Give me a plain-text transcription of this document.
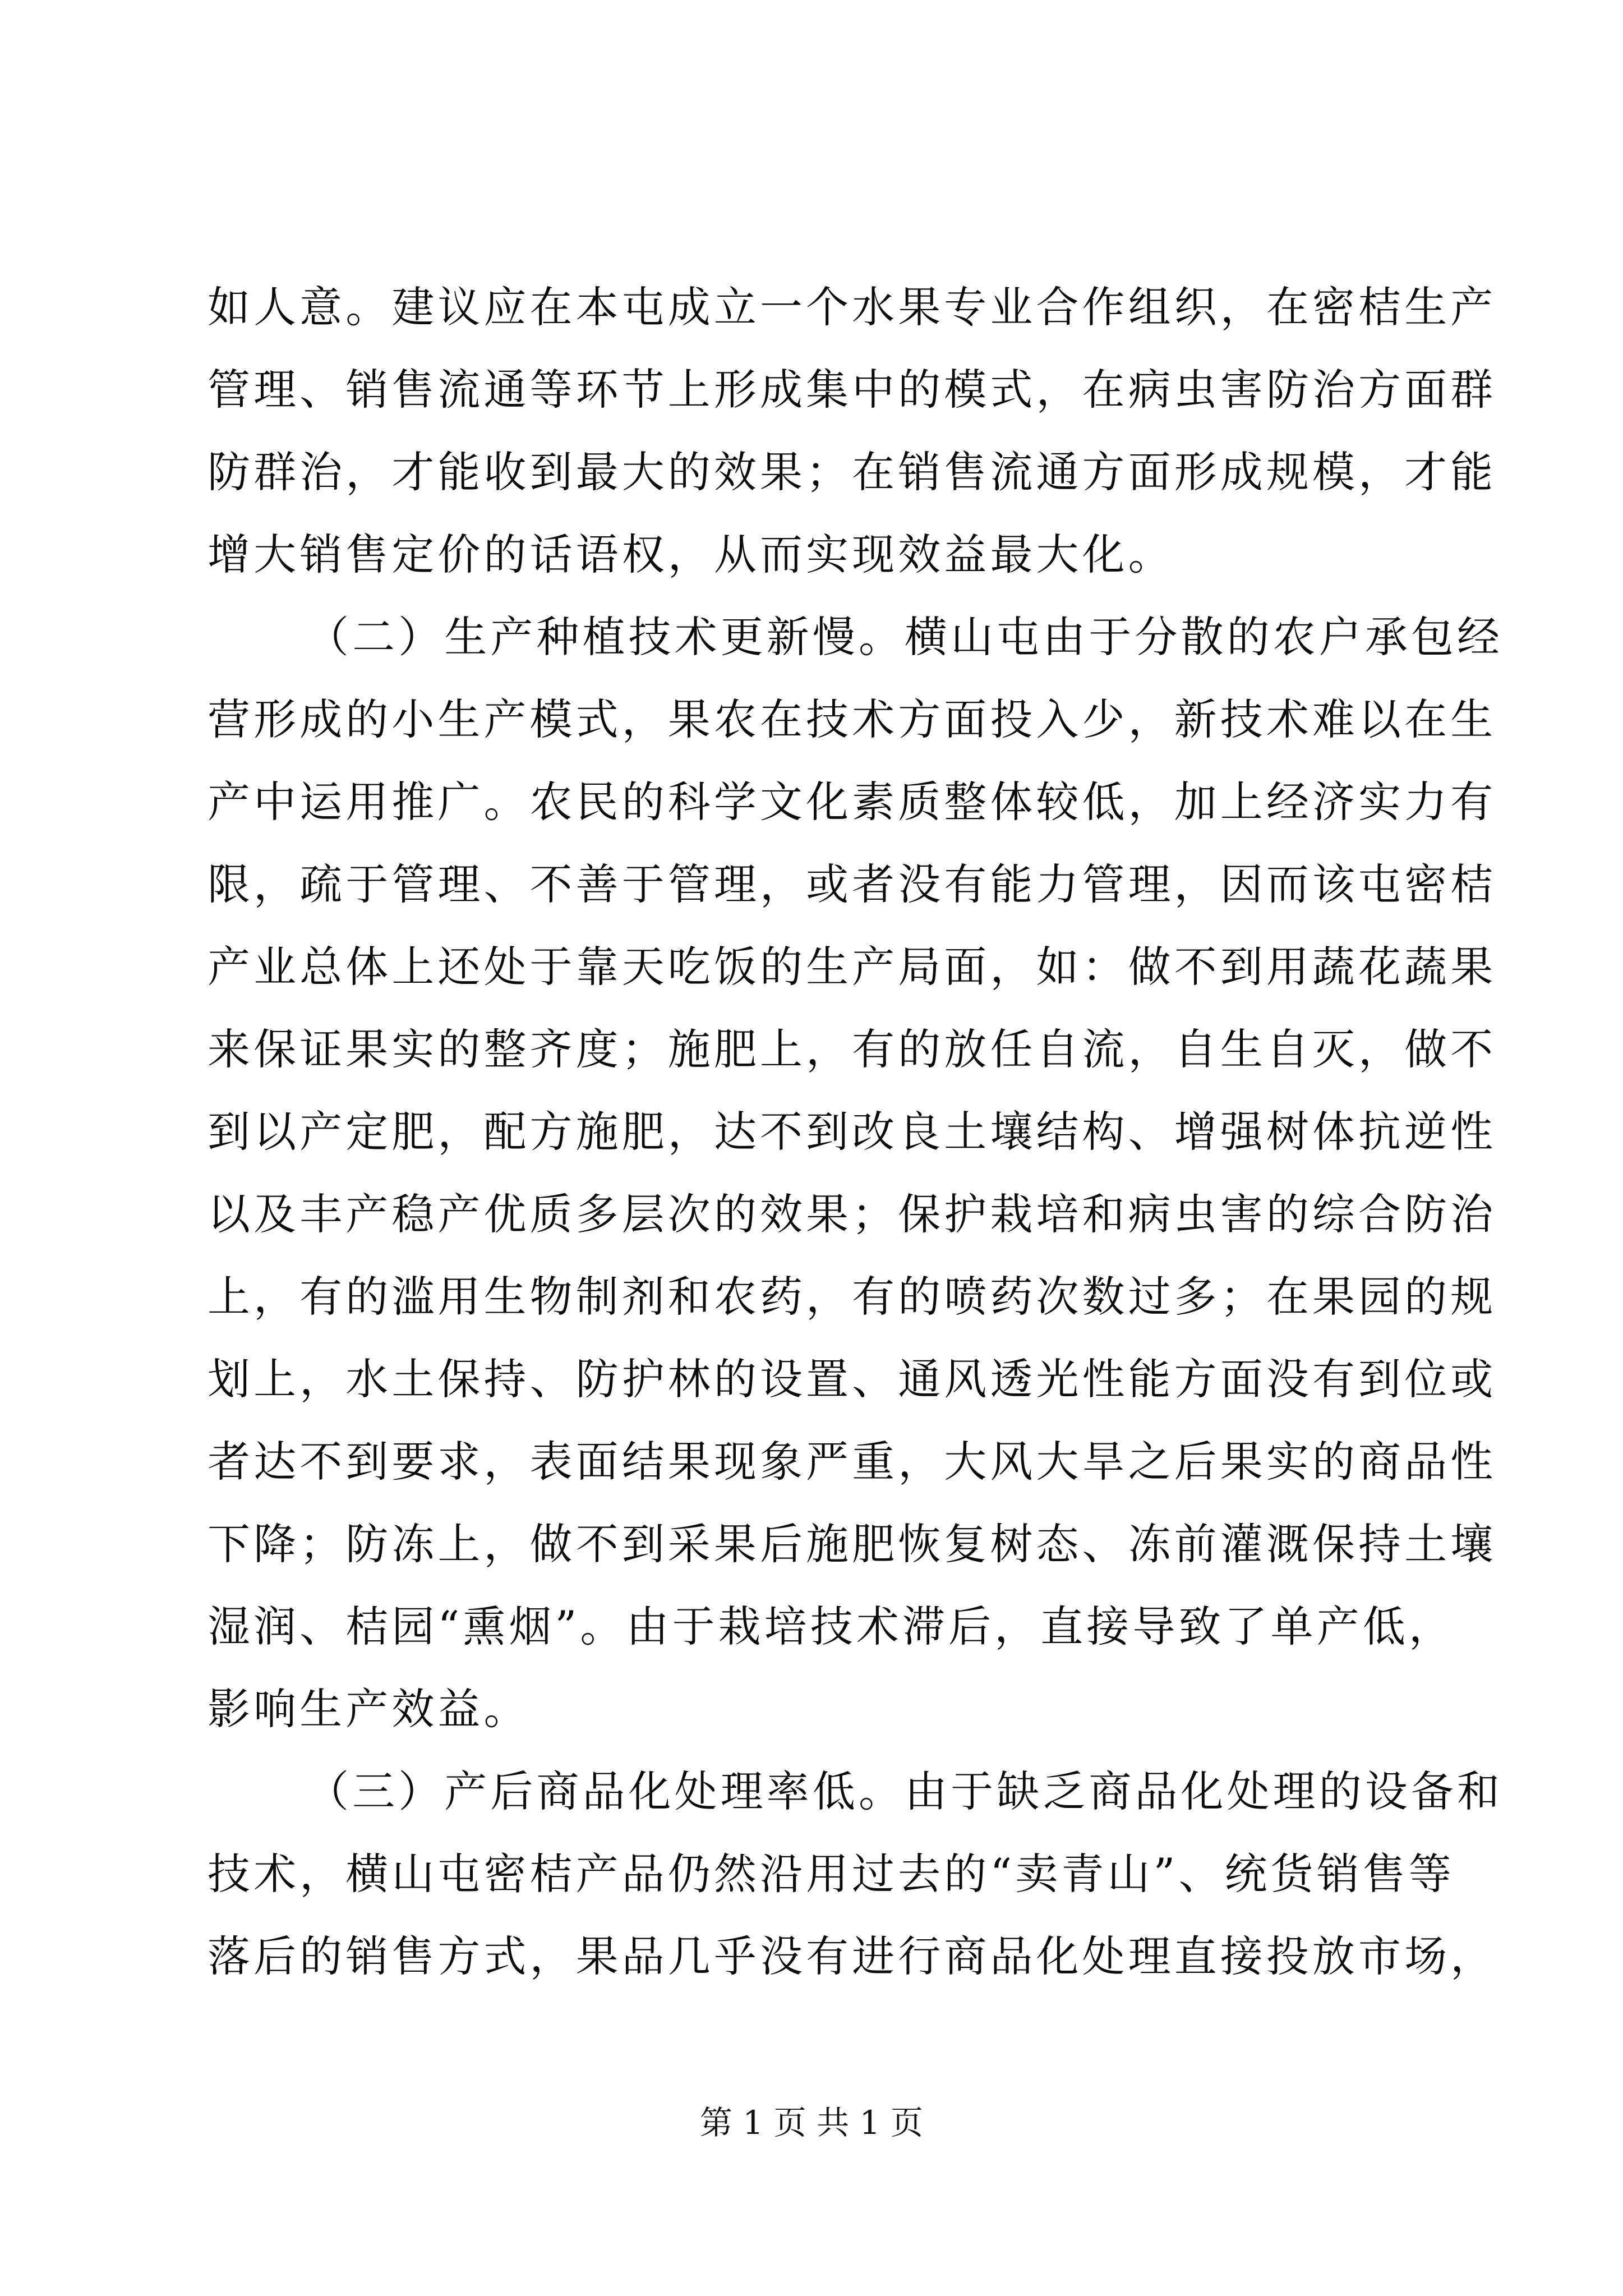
如人意。建议应在本屯成立一个水果专业合作组织，在密桔生产
管理、销售流通等环节上形成集中的模式，在病虫害防治方面群
防群治，才能收到最大的效果；在销售流通方面形成规模，才能
增大销售定价的话语权，从而实现效益最大化。
（二）生产种植技术更新慢。横山屯由于分散的农户承包经
营形成的小生产模式，果农在技术方面投入少，新技术难以在生
产中运用推广。农民的科学文化素质整体较低，加上经济实力有
限，疏于管理、不善于管理，或者没有能力管理，因而该屯密桔
产业总体上还处于靠天吃饭的生产局面，如：做不到用蔬花蔬果
来保证果实的整齐度；施肥上，有的放任自流，自生自灭，做不
到以产定肥，配方施肥，达不到改良土壤结构、增强树体抗逆性
以及丰产稳产优质多层次的效果；保护栽培和病虫害的综合防治
上，有的滥用生物制剂和农药，有的喷药次数过多；在果园的规
划上，水土保持、防护林的设置、通风透光性能方面没有到位或
者达不到要求，表面结果现象严重，大风大旱之后果实的商品性
下降；防冻上，做不到采果后施肥恢复树态、冻前灌溉保持土壤
湿润、桔园“熏烟”。由于栽培技术滞后，直接导致了单产低，
影响生产效益。
（三）产后商品化处理率低。由于缺乏商品化处理的设备和
技术，横山屯密桔产品仍然沿用过去的“卖青山”、统货销售等
落后的销售方式，果品几乎没有进行商品化处理直接投放市场，
第 1 页 共 1 页
